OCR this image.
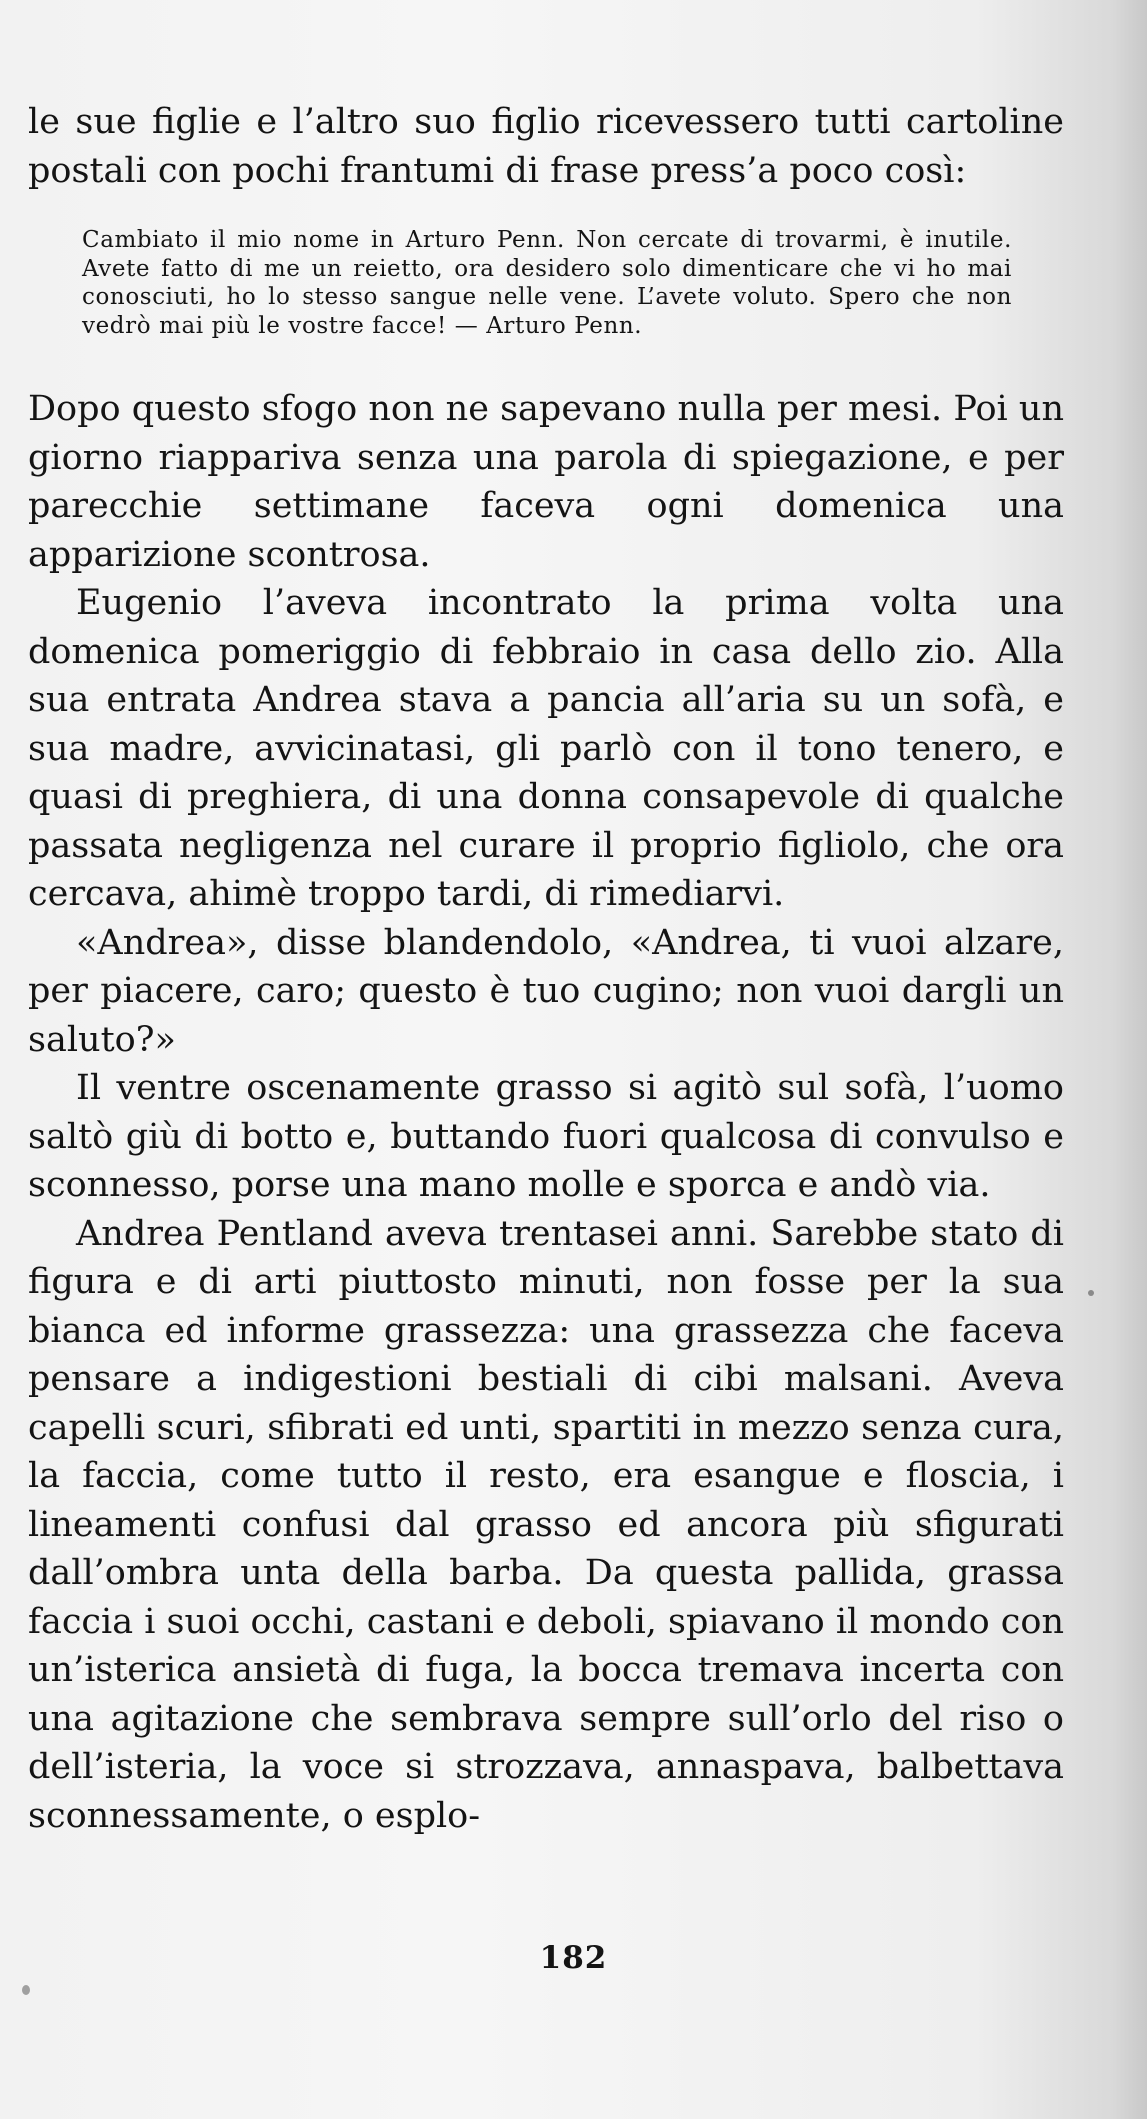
le sue figlie e l’altro suo figlio ricevessero tutti cartoline postali con pochi frantumi di frase press’a poco così:

Cambiato il mio nome in Arturo Penn. Non cercate di trovarmi, è inutile. Avete fatto di me un reietto, ora desidero solo dimenticare che vi ho mai conosciuti, ho lo stesso sangue nelle vene. L’avete voluto. Spero che non vedrò mai più le vostre facce! — Arturo Penn.

Dopo questo sfogo non ne sapevano nulla per mesi. Poi un giorno riappariva senza una parola di spiegazione, e per parecchie settimane faceva ogni domenica una apparizione scontrosa.

Eugenio l’aveva incontrato la prima volta una domenica pomeriggio di febbraio in casa dello zio. Alla sua entrata Andrea stava a pancia all’aria su un sofà, e sua madre, avvicinatasi, gli parlò con il tono tenero, e quasi di preghiera, di una donna consapevole di qualche passata negligenza nel curare il proprio figliolo, che ora cercava, ahimè troppo tardi, di rimediarvi.

«Andrea», disse blandendolo, «Andrea, ti vuoi alzare, per piacere, caro; questo è tuo cugino; non vuoi dargli un saluto?»

Il ventre oscenamente grasso si agitò sul sofà, l’uomo saltò giù di botto e, buttando fuori qualcosa di convulso e sconnesso, porse una mano molle e sporca e andò via.

Andrea Pentland aveva trentasei anni. Sarebbe stato di figura e di arti piuttosto minuti, non fosse per la sua bianca ed informe grassezza: una grassezza che faceva pensare a indigestioni bestiali di cibi malsani. Aveva capelli scuri, sfibrati ed unti, spartiti in mezzo senza cura, la faccia, come tutto il resto, era esangue e floscia, i lineamenti confusi dal grasso ed ancora più sfigurati dall’ombra unta della barba. Da questa pallida, grassa faccia i suoi occhi, castani e deboli, spiavano il mondo con un’isterica ansietà di fuga, la bocca tremava incerta con una agitazione che sembrava sempre sull’orlo del riso o dell’isteria, la voce si strozzava, annaspava, balbettava sconnessamente, o esplo-

182
